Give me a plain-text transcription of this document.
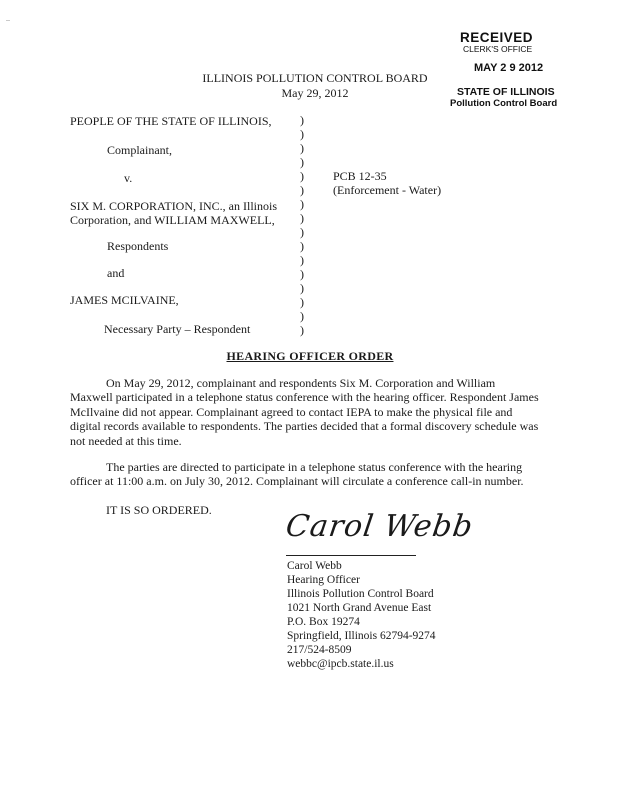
..
RECEIVED
CLERK'S OFFICE
MAY 2 9 2012
STATE OF ILLINOIS
Pollution Control Board
ILLINOIS POLLUTION CONTROL BOARD
May 29, 2012
PEOPLE OF THE STATE OF ILLINOIS,
Complainant,
v.
SIX M. CORPORATION, INC., an Illinois
Corporation, and WILLIAM MAXWELL,
Respondents
and
JAMES MCILVAINE,
Necessary Party – Respondent
)
)
)
)
)
)
)
)
)
)
)
)
)
)
)
)
PCB 12-35
(Enforcement - Water)
HEARING OFFICER ORDER
On May 29, 2012, complainant and respondents Six M. Corporation and William Maxwell participated in a telephone status conference with the hearing officer. Respondent James McIlvaine did not appear. Complainant agreed to contact IEPA to make the physical file and digital records available to respondents. The parties decided that a formal discovery schedule was not needed at this time.
The parties are directed to participate in a telephone status conference with the hearing officer at 11:00 a.m. on July 30, 2012. Complainant will circulate a conference call-in number.
IT IS SO ORDERED. Carol Webb
Carol Webb
Hearing Officer
Illinois Pollution Control Board
1021 North Grand Avenue East
P.O. Box 19274
Springfield, Illinois 62794-9274
217/524-8509
webbc@ipcb.state.il.us
